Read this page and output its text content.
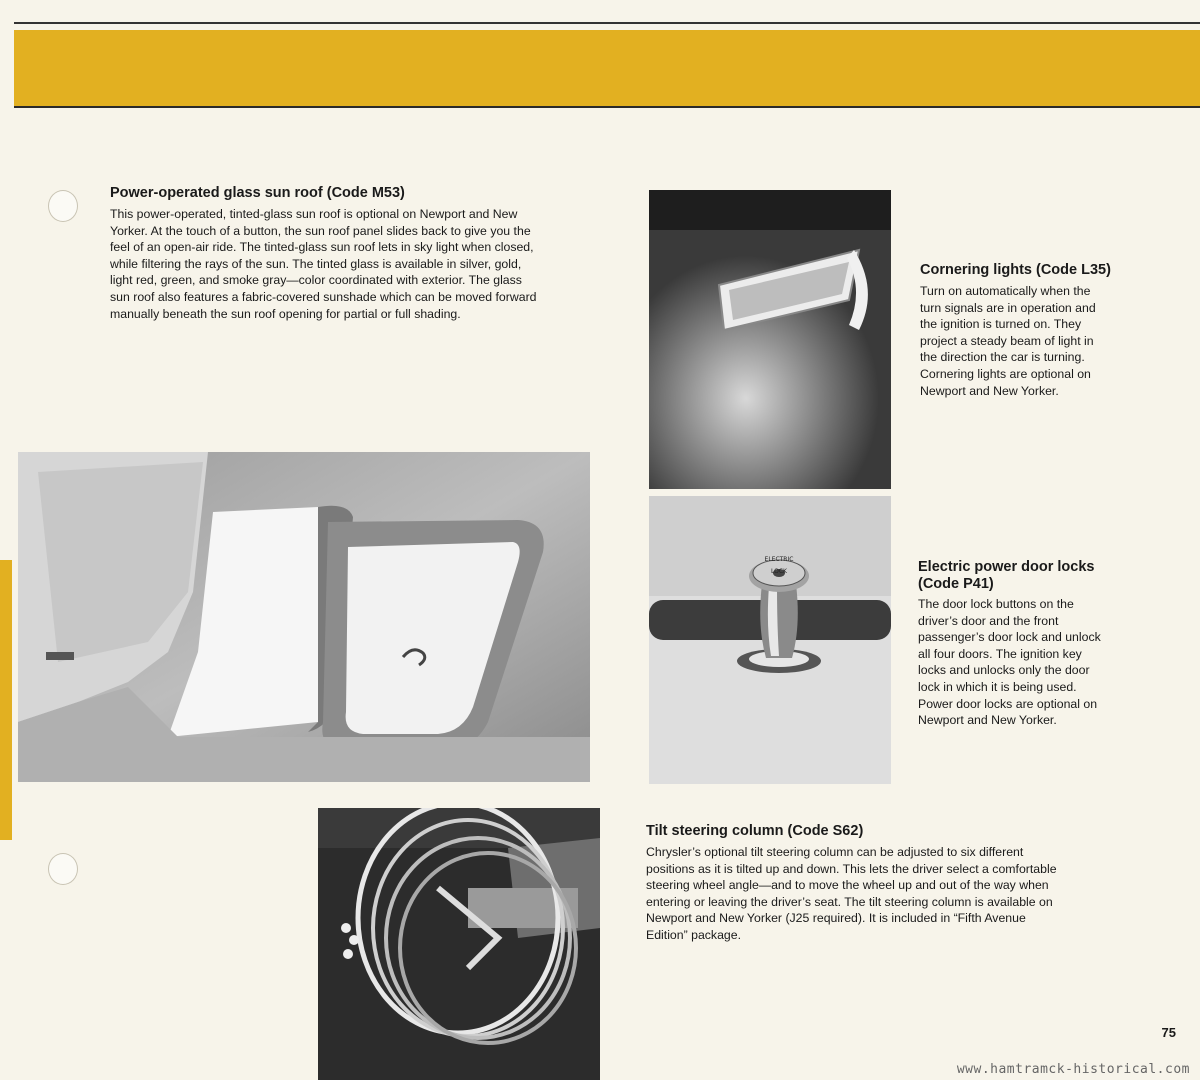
Power-operated glass sun roof (Code M53)
This power-operated, tinted-glass sun roof is optional on Newport and New
Yorker. At the touch of a button, the sun roof panel slides back to give you the
feel of an open-air ride. The tinted-glass sun roof lets in sky light when closed,
while filtering the rays of the sun. The tinted glass is available in silver, gold,
light red, green, and smoke gray—color coordinated with exterior. The glass
sun roof also features a fabric-covered sunshade which can be moved forward
manually beneath the sun roof opening for partial or full shading.
Cornering lights (Code L35)
Turn on automatically when the
turn signals are in operation and
the ignition is turned on. They
project a steady beam of light in
the direction the car is turning.
Cornering lights are optional on
Newport and New Yorker.
ELECTRIC
LOCK	Electric power door locks
(Code P41)
The door lock buttons on the
driver’s door and the front
passenger’s door lock and unlock
all four doors. The ignition key
locks and unlocks only the door
lock in which it is being used.
Power door locks are optional on
Newport and New Yorker.
Tilt steering column (Code S62)
Chrysler’s optional tilt steering column can be adjusted to six different
positions as it is tilted up and down. This lets the driver select a comfortable
steering wheel angle—and to move the wheel up and out of the way when
entering or leaving the driver’s seat. The tilt steering column is available on
Newport and New Yorker (J25 required). It is included in “Fifth Avenue
Edition” package.
75
www.hamtramck-historical.com
